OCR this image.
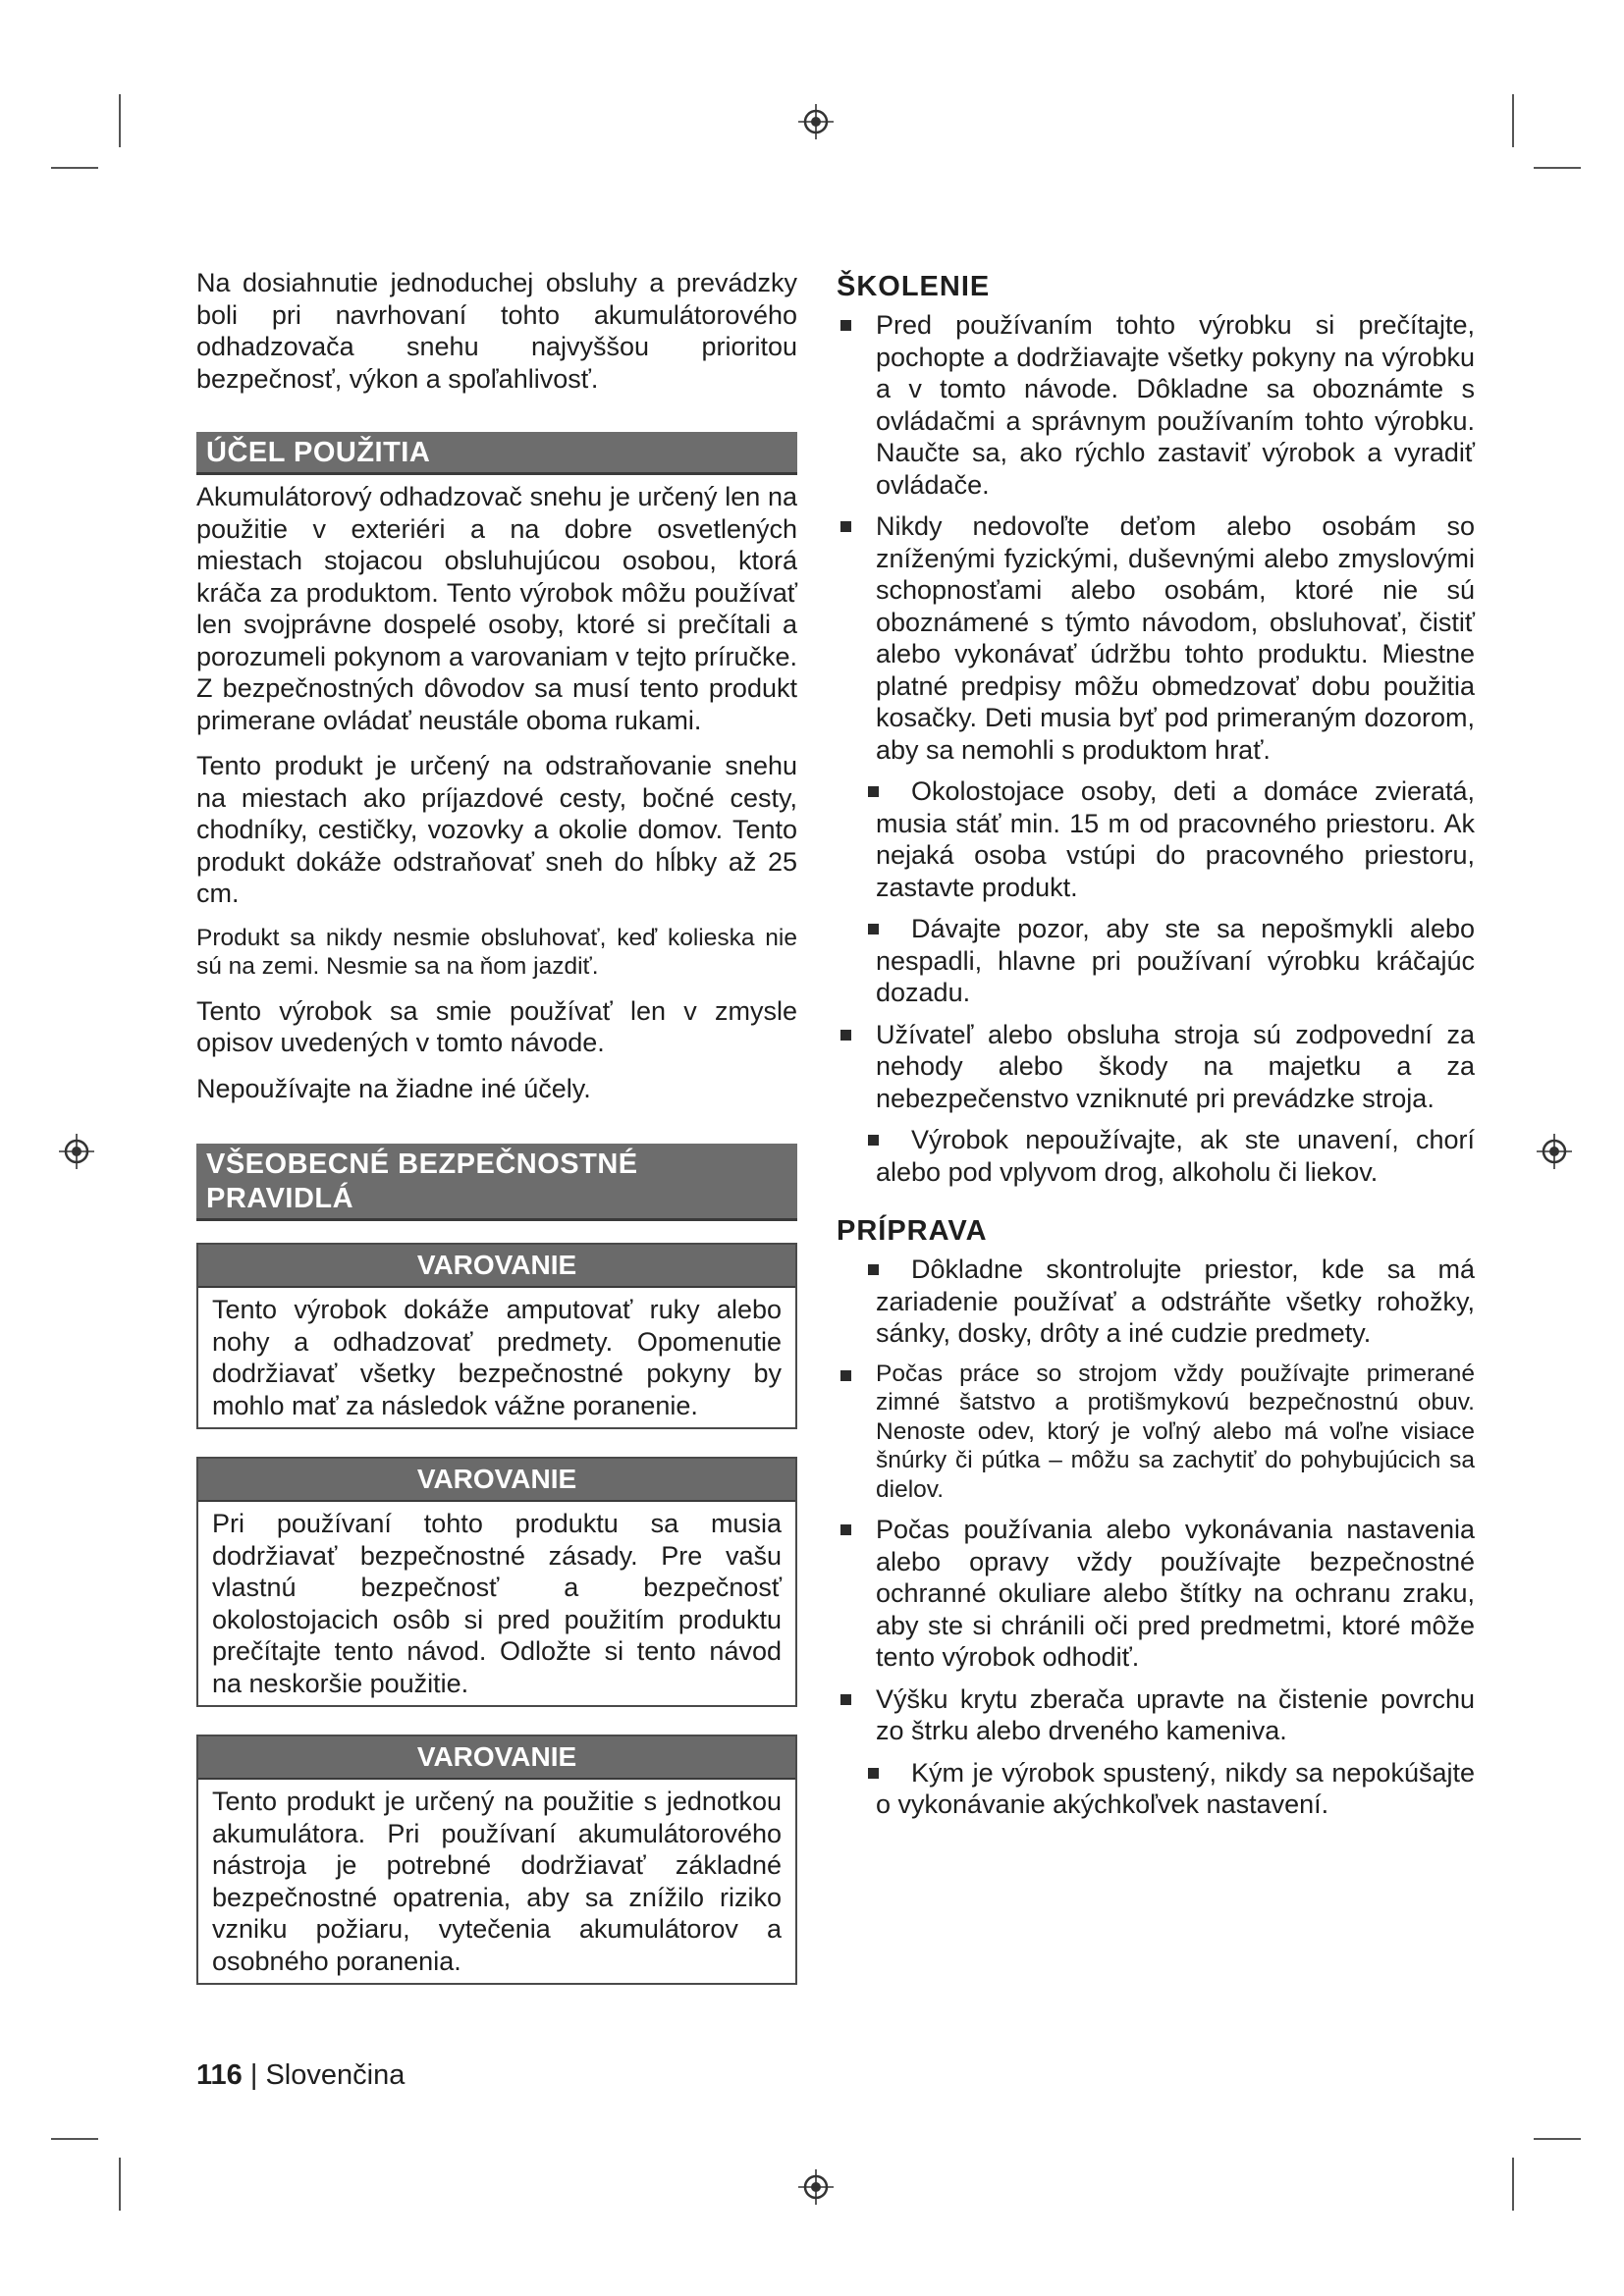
Na dosiahnutie jednoduchej obsluhy a prevádzky boli pri navrhovaní tohto akumulátorového odhadzovača snehu najvyššou prioritou bezpečnosť, výkon a spoľahlivosť.

ÚČEL POUŽITIA

Akumulátorový odhadzovač snehu je určený len na použitie v exteriéri a na dobre osvetlených miestach stojacou obsluhujúcou osobou, ktorá kráča za produktom. Tento výrobok môžu používať len svojprávne dospelé osoby, ktoré si prečítali a porozumeli pokynom a varovaniam v tejto príručke. Z bezpečnostných dôvodov sa musí tento produkt primerane ovládať neustále oboma rukami.

Tento produkt je určený na odstraňovanie snehu na miestach ako príjazdové cesty, bočné cesty, chodníky, cestičky, vozovky a okolie domov. Tento produkt dokáže odstraňovať sneh do hĺbky až 25 cm.

Produkt sa nikdy nesmie obsluhovať, keď kolieska nie sú na zemi. Nesmie sa na ňom jazdiť.

Tento výrobok sa smie používať len v zmysle opisov uvedených v tomto návode.

Nepoužívajte na žiadne iné účely.

VŠEOBECNÉ BEZPEČNOSTNÉ PRAVIDLÁ
VAROVANIE
Tento výrobok dokáže amputovať ruky alebo nohy a odhadzovať predmety. Opomenutie dodržiavať všetky bezpečnostné pokyny by mohlo mať za následok vážne poranenie.
VAROVANIE
Pri používaní tohto produktu sa musia dodržiavať bezpečnostné zásady. Pre vašu vlastnú bezpečnosť a bezpečnosť okolostojacich osôb si pred použitím produktu prečítajte tento návod. Odložte si tento návod na neskoršie použitie.
VAROVANIE
Tento produkt je určený na použitie s jednotkou akumulátora. Pri používaní akumulátorového nástroja je potrebné dodržiavať základné bezpečnostné opatrenia, aby sa znížilo riziko vzniku požiaru, vytečenia akumulátorov a osobného poranenia.
ŠKOLENIE
Pred používaním tohto výrobku si prečítajte, pochopte a dodržiavajte všetky pokyny na výrobku a v tomto návode. Dôkladne sa oboznámte s ovládačmi a správnym používaním tohto výrobku. Naučte sa, ako rýchlo zastaviť výrobok a vyradiť ovládače.
Nikdy nedovoľte deťom alebo osobám so zníženými fyzickými, duševnými alebo zmyslovými schopnosťami alebo osobám, ktoré nie sú oboznámené s týmto návodom, obsluhovať, čistiť alebo vykonávať údržbu tohto produktu. Miestne platné predpisy môžu obmedzovať dobu použitia kosačky. Deti musia byť pod primeraným dozorom, aby sa nemohli s produktom hrať.
Okolostojace osoby, deti a domáce zvieratá, musia stáť min. 15 m od pracovného priestoru. Ak nejaká osoba vstúpi do pracovného priestoru, zastavte produkt.
Dávajte pozor, aby ste sa nepošmykli alebo nespadli, hlavne pri používaní výrobku kráčajúc dozadu.
Užívateľ alebo obsluha stroja sú zodpovední za nehody alebo škody na majetku a za nebezpečenstvo vzniknuté pri prevádzke stroja.
Výrobok nepoužívajte, ak ste unavení, chorí alebo pod vplyvom drog, alkoholu či liekov.
PRÍPRAVA
Dôkladne skontrolujte priestor, kde sa má zariadenie používať a odstráňte všetky rohožky, sánky, dosky, drôty a iné cudzie predmety.
Počas práce so strojom vždy používajte primerané zimné šatstvo a protišmykovú bezpečnostnú obuv. Nenoste odev, ktorý je voľný alebo má voľne visiace šnúrky či pútka – môžu sa zachytiť do pohybujúcich sa dielov.
Počas používania alebo vykonávania nastavenia alebo opravy vždy používajte bezpečnostné ochranné okuliare alebo štítky na ochranu zraku, aby ste si chránili oči pred predmetmi, ktoré môže tento výrobok odhodiť.
Výšku krytu zberača upravte na čistenie povrchu zo štrku alebo drveného kameniva.
Kým je výrobok spustený, nikdy sa nepokúšajte o vykonávanie akýchkoľvek nastavení.
116 | Slovenčina
